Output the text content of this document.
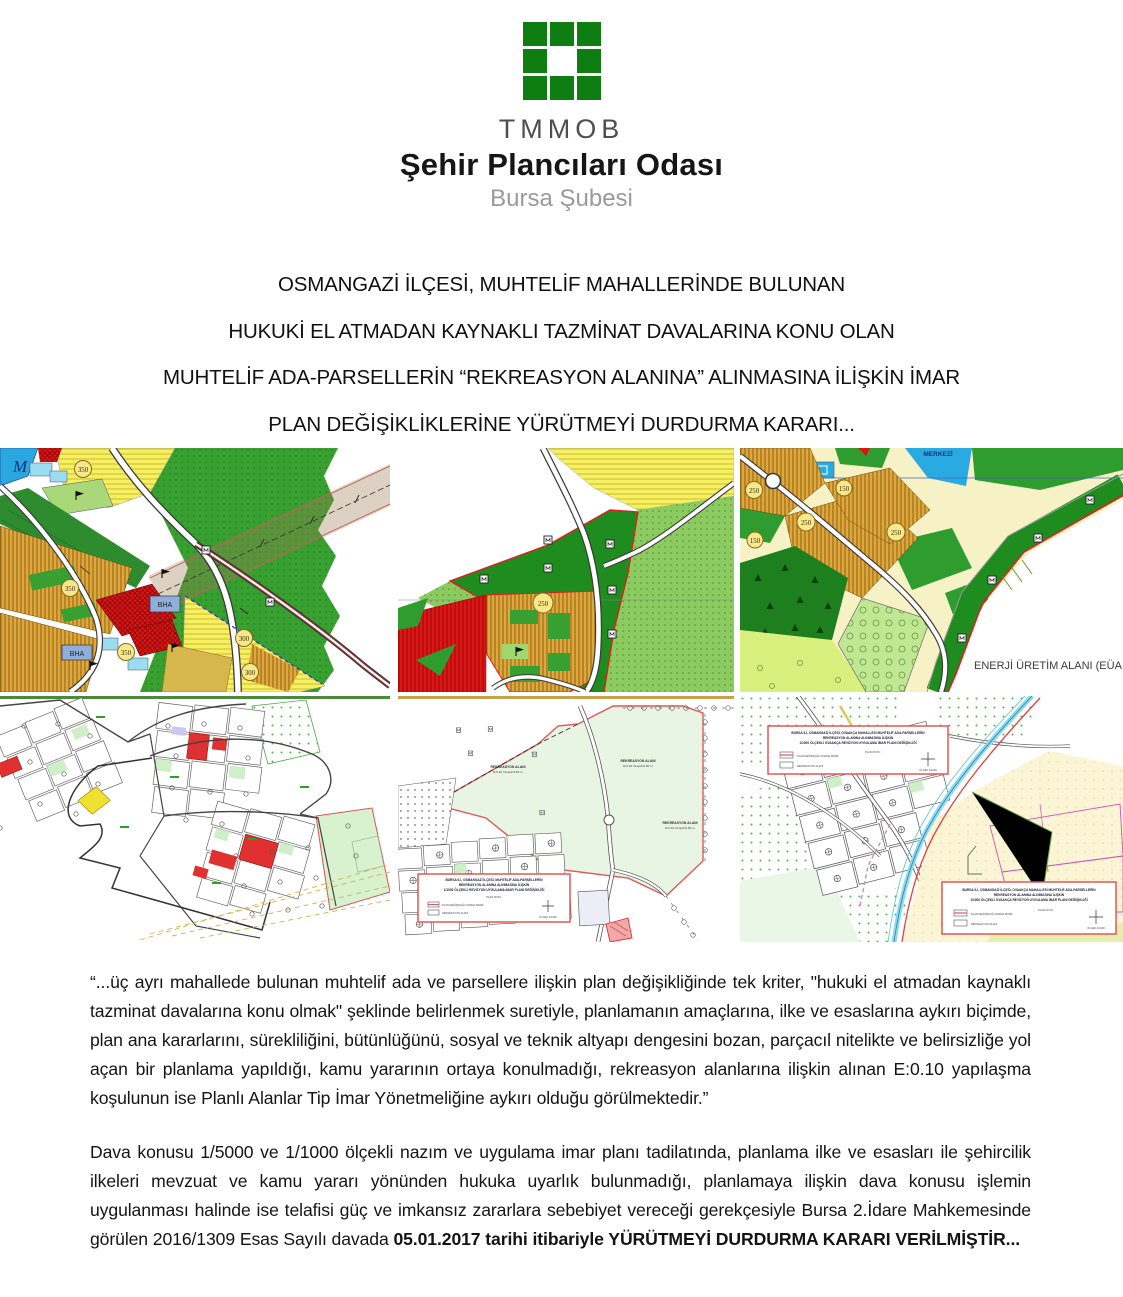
TMMOB

Şehir Plancıları Odası

Bursa Şubesi

OSMANGAZİ İLÇESİ, MUHTELİF MAHALLERİNDE BULUNAN
HUKUKİ EL ATMADAN KAYNAKLI TAZMİNAT DAVALARINA KONU OLAN
MUHTELİF ADA-PARSELLERİN “REKREASYON ALANINA” ALINMASINA İLİŞKİN İMAR
PLAN DEĞİŞİKLİKLERİNE YÜRÜTMEYİ DURDURMA KARARI...
M
BHA
BHA
350
350
350
300
300
250
MERKEZİ
ENERJİ ÜRETİM ALANI (EÜA
250
250
250
150
150
REKREASYON ALANI
E:0.10 Yençok:6.50 m
REKREASYON ALANI
E:0.10 Yençok:6.50 m
REKREASYON ALANI
E:0.10 Yençok:6.50 m
BURSA İLİ, OSMANGAZİ İLÇESİ, MUHTELİF ADA-PARSELLERİN
REKREASYON ALANINA ALINMASINA İLİŞKİN
1/1000 ÖLÇEKLİ REVİZYON UYGULAMA İMAR PLANI DEĞİŞİKLİĞİ
PLAN NOTU:
PLAN DEĞİŞİKLİĞİ ONAMA SINIRI
REKREASYON ALANI
ÖLÇEK:1/1000
BURSA İLİ, OSMANGAZİ İLÇESİ, OVAAKÇA MAHALLESİ MUHTELİF ADA-PARSELLERİN
REKREASYON ALANINA ALINMASINA İLİŞKİN
1/1000 ÖLÇEKLİ OVAAKÇA REVİZYON UYGULAMA İMAR PLANI DEĞİŞİKLİĞİ
PLAN DEĞİŞİKLİĞİ ONAMA SINIRI
REKREASYON ALANI
PLAN NOTU:
ÖLÇEK:1/1000
BURSA İLİ, OSMANGAZİ İLÇESİ, OVAAKÇA MAHALLESİ MUHTELİF ADA-PARSELLERİN
REKREASYON ALANINA ALINMASINA İLİŞKİN
1/1000 ÖLÇEKLİ OVAAKÇA REVİZYON UYGULAMA İMAR PLANI DEĞİŞİKLİĞİ
PLAN DEĞİŞİKLİĞİ ONAMA SINIRI
REKREASYON ALANI
PLAN NOTU:
ÖLÇEK:1/1000

“...üç ayrı mahallede bulunan muhtelif ada ve parsellere ilişkin plan değişikliğinde tek kriter, "hukuki el atmadan kaynaklı tazminat davalarına konu olmak" şeklinde belirlenmek suretiyle, planlamanın amaçlarına, ilke ve esaslarına aykırı biçimde, plan ana kararlarını, sürekliliğini, bütünlüğünü, sosyal ve teknik altyapı dengesini bozan, parçacıl nitelikte ve belirsizliğe yol açan bir planlama yapıldığı, kamu yararının ortaya konulmadığı, rekreasyon alanlarına ilişkin alınan E:0.10 yapılaşma koşulunun ise Planlı Alanlar Tip İmar Yönetmeliğine aykırı olduğu görülmektedir.”

Dava konusu 1/5000 ve 1/1000 ölçekli nazım ve uygulama imar planı tadilatında, planlama ilke ve esasları ile şehircilik ilkeleri mevzuat ve kamu yararı yönünden hukuka uyarlık bulunmadığı, planlamaya ilişkin dava konusu işlemin uygulanması halinde ise telafisi güç ve imkansız zararlara sebebiyet vereceği gerekçesiyle Bursa 2.İdare Mahkemesinde görülen 2016/1309 Esas Sayılı davada 05.01.2017 tarihi itibariyle YÜRÜTMEYİ DURDURMA KARARI VERİLMİŞTİR...
